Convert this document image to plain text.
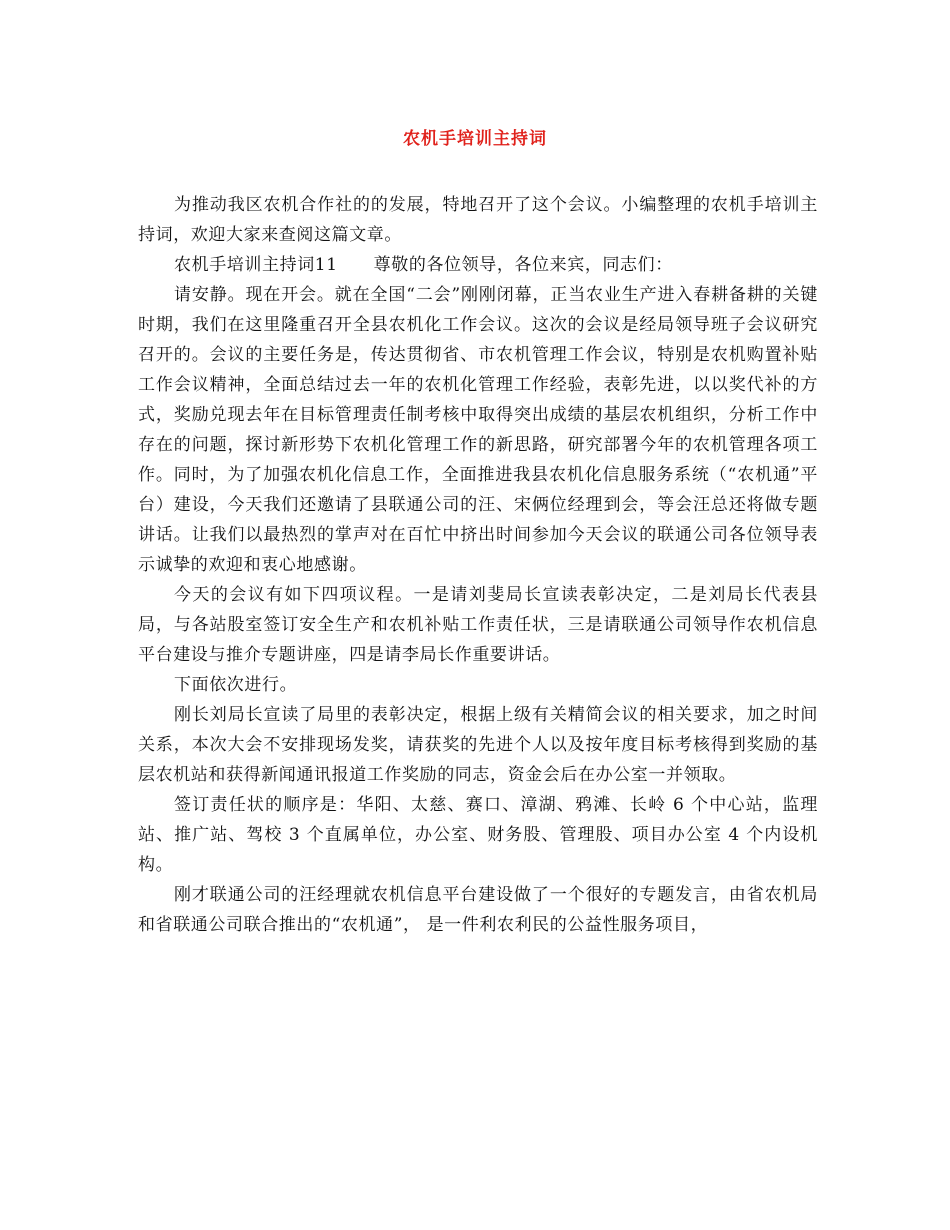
农机手培训主持词

为推动我区农机合作社的的发展，特地召开了这个会议。小编整理的农机手培训主持词，欢迎大家来查阅这篇文章。

农机手培训主持词11 尊敬的各位领导，各位来宾，同志们：

请安静。现在开会。就在全国“二会”刚刚闭幕，正当农业生产进入春耕备耕的关键时期，我们在这里隆重召开全县农机化工作会议。这次的会议是经局领导班子会议研究召开的。会议的主要任务是，传达贯彻省、市农机管理工作会议，特别是农机购置补贴工作会议精神，全面总结过去一年的农机化管理工作经验，表彰先进，以以奖代补的方式，奖励兑现去年在目标管理责任制考核中取得突出成绩的基层农机组织，分析工作中存在的问题，探讨新形势下农机化管理工作的新思路，研究部署今年的农机管理各项工作。同时，为了加强农机化信息工作，全面推进我县农机化信息服务系统（“农机通”平台）建设，今天我们还邀请了县联通公司的汪、宋俩位经理到会，等会汪总还将做专题讲话。让我们以最热烈的掌声对在百忙中挤出时间参加今天会议的联通公司各位领导表示诚挚的欢迎和衷心地感谢。

今天的会议有如下四项议程。一是请刘斐局长宣读表彰决定，二是刘局长代表县局，与各站股室签订安全生产和农机补贴工作责任状，三是请联通公司领导作农机信息平台建设与推介专题讲座，四是请李局长作重要讲话。

下面依次进行。

刚长刘局长宣读了局里的表彰决定，根据上级有关精简会议的相关要求，加之时间关系，本次大会不安排现场发奖，请获奖的先进个人以及按年度目标考核得到奖励的基层农机站和获得新闻通讯报道工作奖励的同志，资金会后在办公室一并领取。

签订责任状的顺序是：华阳、太慈、赛口、漳湖、鸦滩、长岭 6 个中心站，监理站、推广站、驾校 3 个直属单位，办公室、财务股、管理股、项目办公室 4 个内设机构。

刚才联通公司的汪经理就农机信息平台建设做了一个很好的专题发言，由省农机局和省联通公司联合推出的“农机通”， 是一件利农利民的公益性服务项目，
